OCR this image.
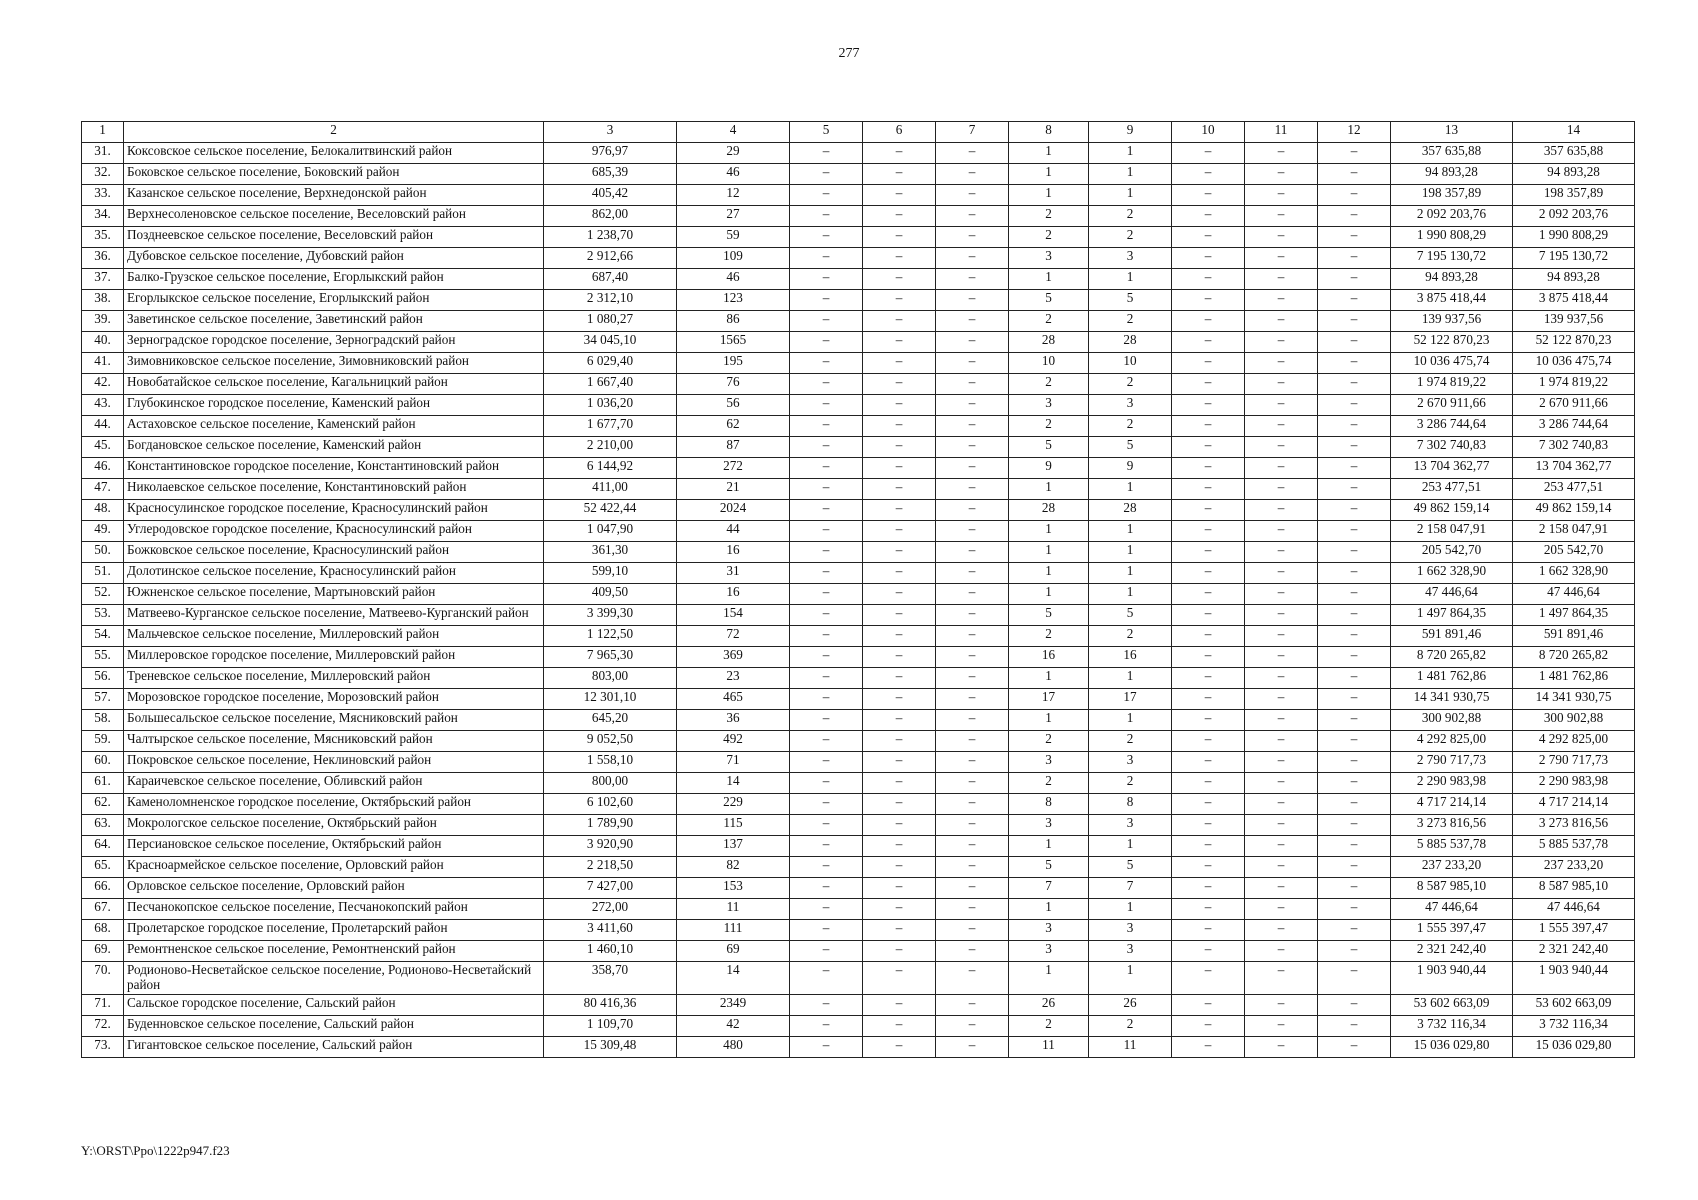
277
1	2	3	4	5	6	7	8	9	10	11	12	13	14
31.	Коксовское сельское поселение, Белокалитвинский район	976,97	29	–	–	–	1	1	–	–	–	357 635,88	357 635,88
32.	Боковское сельское поселение, Боковский район	685,39	46	–	–	–	1	1	–	–	–	94 893,28	94 893,28
33.	Казанское сельское поселение, Верхнедонской район	405,42	12	–	–	–	1	1	–	–	–	198 357,89	198 357,89
34.	Верхнесоленовское сельское поселение, Веселовский район	862,00	27	–	–	–	2	2	–	–	–	2 092 203,76	2 092 203,76
35.	Позднеевское сельское поселение, Веселовский район	1 238,70	59	–	–	–	2	2	–	–	–	1 990 808,29	1 990 808,29
36.	Дубовское сельское поселение, Дубовский район	2 912,66	109	–	–	–	3	3	–	–	–	7 195 130,72	7 195 130,72
37.	Балко-Грузское сельское поселение, Егорлыкский район	687,40	46	–	–	–	1	1	–	–	–	94 893,28	94 893,28
38.	Егорлыкское сельское поселение, Егорлыкский район	2 312,10	123	–	–	–	5	5	–	–	–	3 875 418,44	3 875 418,44
39.	Заветинское сельское поселение, Заветинский район	1 080,27	86	–	–	–	2	2	–	–	–	139 937,56	139 937,56
40.	Зерноградское городское поселение, Зерноградский район	34 045,10	1565	–	–	–	28	28	–	–	–	52 122 870,23	52 122 870,23
41.	Зимовниковское сельское поселение, Зимовниковский район	6 029,40	195	–	–	–	10	10	–	–	–	10 036 475,74	10 036 475,74
42.	Новобатайское сельское поселение, Кагальницкий район	1 667,40	76	–	–	–	2	2	–	–	–	1 974 819,22	1 974 819,22
43.	Глубокинское городское поселение, Каменский район	1 036,20	56	–	–	–	3	3	–	–	–	2 670 911,66	2 670 911,66
44.	Астаховское сельское поселение, Каменский район	1 677,70	62	–	–	–	2	2	–	–	–	3 286 744,64	3 286 744,64
45.	Богдановское сельское поселение, Каменский район	2 210,00	87	–	–	–	5	5	–	–	–	7 302 740,83	7 302 740,83
46.	Константиновское городское поселение, Константиновский район	6 144,92	272	–	–	–	9	9	–	–	–	13 704 362,77	13 704 362,77
47.	Николаевское сельское поселение, Константиновский район	411,00	21	–	–	–	1	1	–	–	–	253 477,51	253 477,51
48.	Красносулинское городское поселение, Красносулинский район	52 422,44	2024	–	–	–	28	28	–	–	–	49 862 159,14	49 862 159,14
49.	Углеродовское городское поселение, Красносулинский район	1 047,90	44	–	–	–	1	1	–	–	–	2 158 047,91	2 158 047,91
50.	Божковское сельское поселение, Красносулинский район	361,30	16	–	–	–	1	1	–	–	–	205 542,70	205 542,70
51.	Долотинское сельское поселение, Красносулинский район	599,10	31	–	–	–	1	1	–	–	–	1 662 328,90	1 662 328,90
52.	Южненское сельское поселение, Мартыновский район	409,50	16	–	–	–	1	1	–	–	–	47 446,64	47 446,64
53.	Матвеево-Курганское сельское поселение, Матвеево-Курганский район	3 399,30	154	–	–	–	5	5	–	–	–	1 497 864,35	1 497 864,35
54.	Мальчевское сельское поселение, Миллеровский район	1 122,50	72	–	–	–	2	2	–	–	–	591 891,46	591 891,46
55.	Миллеровское городское поселение, Миллеровский район	7 965,30	369	–	–	–	16	16	–	–	–	8 720 265,82	8 720 265,82
56.	Треневское сельское поселение, Миллеровский район	803,00	23	–	–	–	1	1	–	–	–	1 481 762,86	1 481 762,86
57.	Морозовское городское поселение, Морозовский район	12 301,10	465	–	–	–	17	17	–	–	–	14 341 930,75	14 341 930,75
58.	Большесальское сельское поселение, Мясниковский район	645,20	36	–	–	–	1	1	–	–	–	300 902,88	300 902,88
59.	Чалтырское сельское поселение, Мясниковский район	9 052,50	492	–	–	–	2	2	–	–	–	4 292 825,00	4 292 825,00
60.	Покровское сельское поселение, Неклиновский район	1 558,10	71	–	–	–	3	3	–	–	–	2 790 717,73	2 790 717,73
61.	Караичевское сельское поселение, Обливский район	800,00	14	–	–	–	2	2	–	–	–	2 290 983,98	2 290 983,98
62.	Каменоломненское городское поселение, Октябрьский район	6 102,60	229	–	–	–	8	8	–	–	–	4 717 214,14	4 717 214,14
63.	Мокрологское сельское поселение, Октябрьский район	1 789,90	115	–	–	–	3	3	–	–	–	3 273 816,56	3 273 816,56
64.	Персиановское сельское поселение, Октябрьский район	3 920,90	137	–	–	–	1	1	–	–	–	5 885 537,78	5 885 537,78
65.	Красноармейское сельское поселение, Орловский район	2 218,50	82	–	–	–	5	5	–	–	–	237 233,20	237 233,20
66.	Орловское сельское поселение, Орловский район	7 427,00	153	–	–	–	7	7	–	–	–	8 587 985,10	8 587 985,10
67.	Песчанокопское сельское поселение, Песчанокопский район	272,00	11	–	–	–	1	1	–	–	–	47 446,64	47 446,64
68.	Пролетарское городское поселение, Пролетарский район	3 411,60	111	–	–	–	3	3	–	–	–	1 555 397,47	1 555 397,47
69.	Ремонтненское сельское поселение, Ремонтненский район	1 460,10	69	–	–	–	3	3	–	–	–	2 321 242,40	2 321 242,40
70.	Родионово-Несветайское сельское поселение, Родионово-Несветайский район	358,70	14	–	–	–	1	1	–	–	–	1 903 940,44	1 903 940,44
71.	Сальское городское поселение, Сальский район	80 416,36	2349	–	–	–	26	26	–	–	–	53 602 663,09	53 602 663,09
72.	Буденновское сельское поселение, Сальский район	1 109,70	42	–	–	–	2	2	–	–	–	3 732 116,34	3 732 116,34
73.	Гигантовское сельское поселение, Сальский район	15 309,48	480	–	–	–	11	11	–	–	–	15 036 029,80	15 036 029,80
Y:\ORST\Ppo\1222p947.f23
